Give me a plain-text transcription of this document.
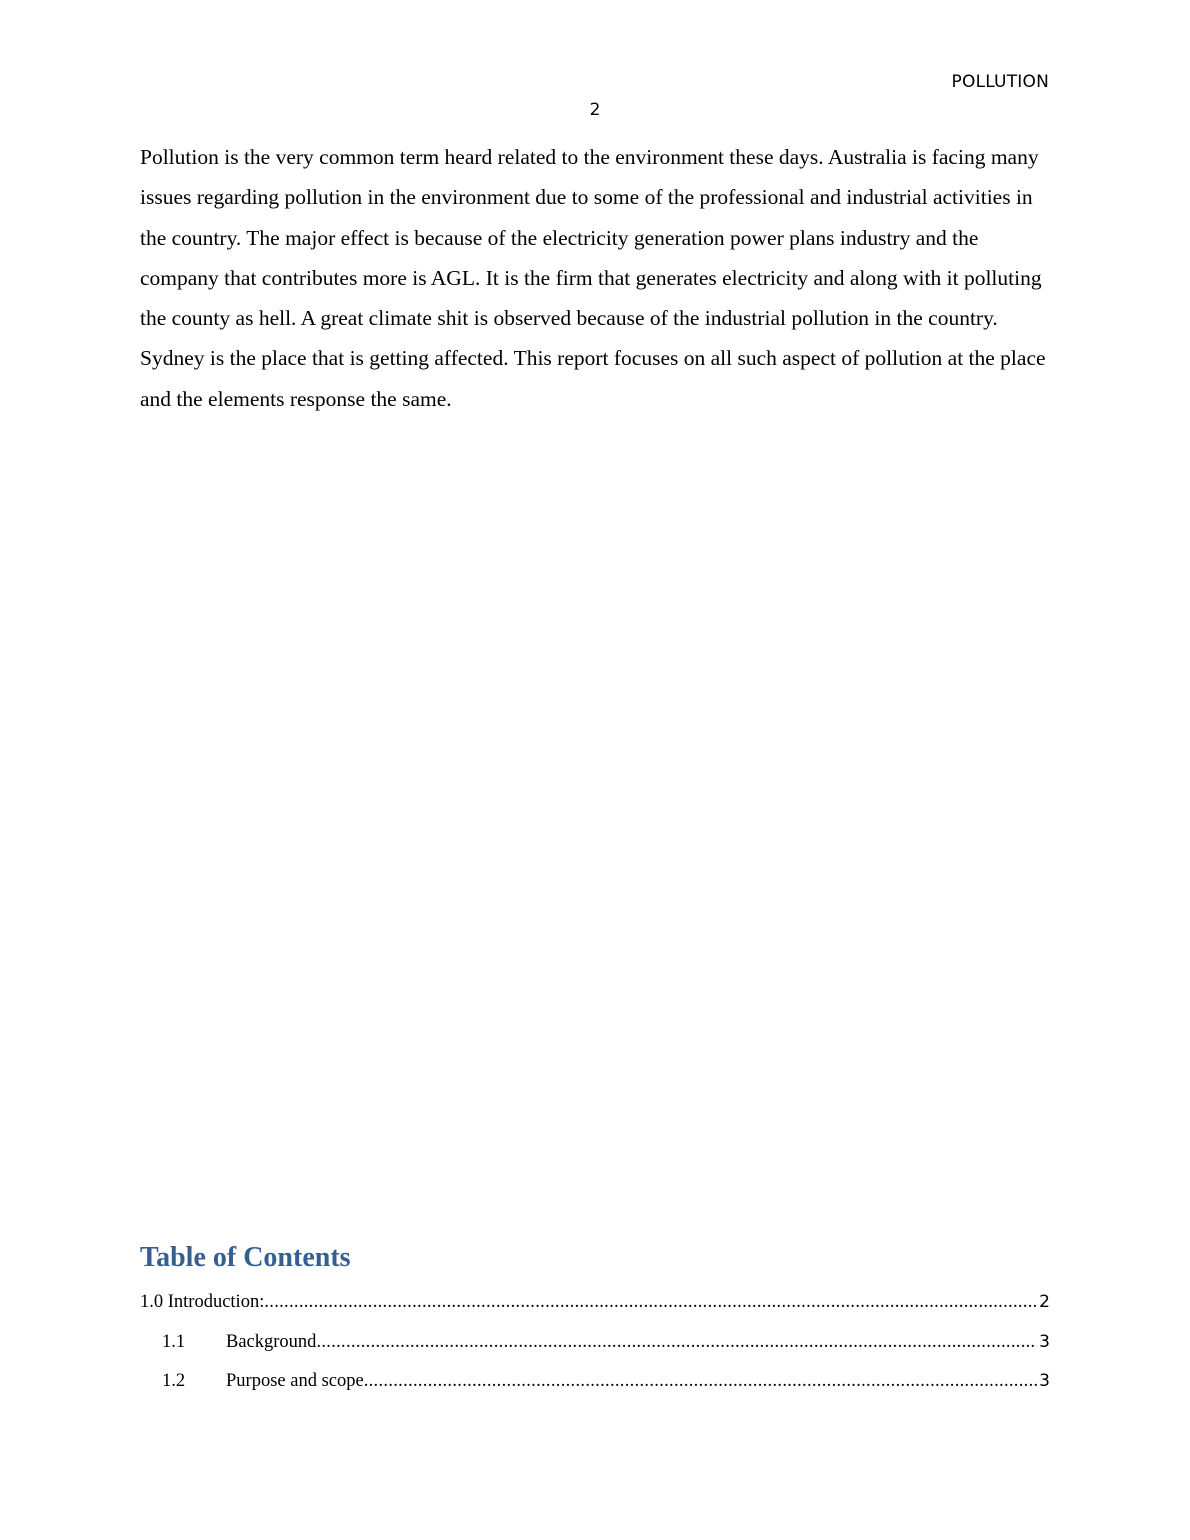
POLLUTION
2

Pollution is the very common term heard related to the environment these days. Australia is facing many issues regarding pollution in the environment due to some of the professional and industrial activities in the country. The major effect is because of the electricity generation power plans industry and the company that contributes more is AGL. It is the firm that generates electricity and along with it polluting the county as hell. A great climate shit is observed because of the industrial pollution in the country. Sydney is the place that is getting affected. This report focuses on all such aspect of pollution at the place and the elements response the same.

Table of Contents
1.0 Introduction: .....	2
1.1	Background .....	3
1.2	Purpose and scope .....	3
